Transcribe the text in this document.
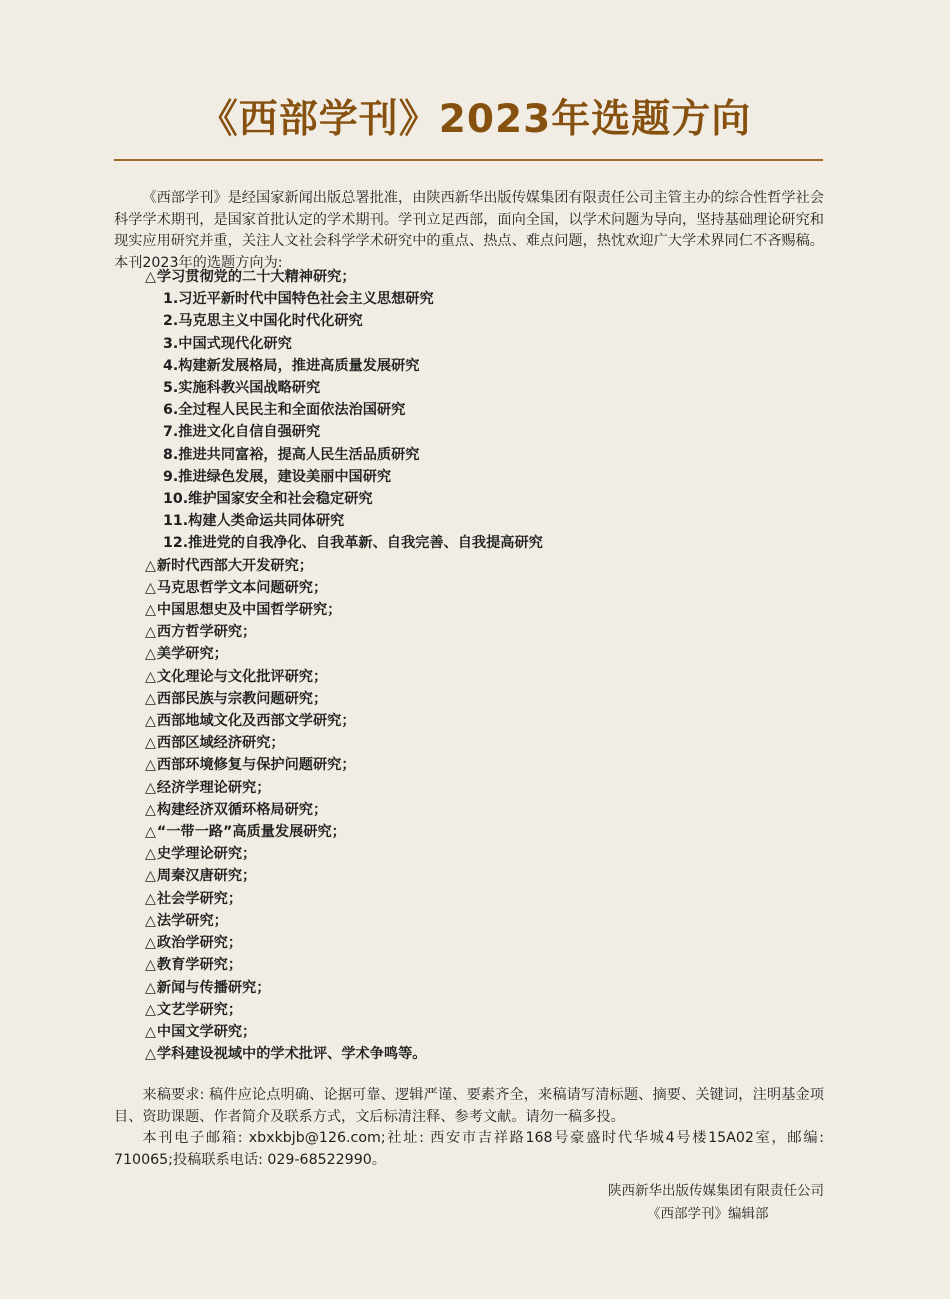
《西部学刊》2023年选题方向

《西部学刊》是经国家新闻出版总署批准，由陕西新华出版传媒集团有限责任公司主管主办的综合性哲学社会科学学术期刊，是国家首批认定的学术期刊。学刊立足西部，面向全国，以学术问题为导向，坚持基础理论研究和现实应用研究并重，关注人文社会科学学术研究中的重点、热点、难点问题，热忱欢迎广大学术界同仁不吝赐稿。本刊2023年的选题方向为:

△学习贯彻党的二十大精神研究；
1.习近平新时代中国特色社会主义思想研究
2.马克思主义中国化时代化研究
3.中国式现代化研究
4.构建新发展格局，推进高质量发展研究
5.实施科教兴国战略研究
6.全过程人民民主和全面依法治国研究
7.推进文化自信自强研究
8.推进共同富裕，提高人民生活品质研究
9.推进绿色发展，建设美丽中国研究
10.维护国家安全和社会稳定研究
11.构建人类命运共同体研究
12.推进党的自我净化、自我革新、自我完善、自我提高研究
△新时代西部大开发研究；
△马克思哲学文本问题研究；
△中国思想史及中国哲学研究；
△西方哲学研究；
△美学研究；
△文化理论与文化批评研究；
△西部民族与宗教问题研究；
△西部地域文化及西部文学研究；
△西部区域经济研究；
△西部环境修复与保护问题研究；
△经济学理论研究；
△构建经济双循环格局研究；
△“一带一路”高质量发展研究；
△史学理论研究；
△周秦汉唐研究；
△社会学研究；
△法学研究；
△政治学研究；
△教育学研究；
△新闻与传播研究；
△文艺学研究；
△中国文学研究；
△学科建设视域中的学术批评、学术争鸣等。

来稿要求: 稿件应论点明确、论据可靠、逻辑严谨、要素齐全，来稿请写清标题、摘要、关键词，注明基金项目、资助课题、作者简介及联系方式，文后标清注释、参考文献。请勿一稿多投。

本刊电子邮箱: xbxkbjb@126.com;社址: 西安市吉祥路168号豪盛时代华城4号楼15A02室，邮编: 710065;投稿联系电话: 029-68522990。

陕西新华出版传媒集团有限责任公司

《西部学刊》编辑部
